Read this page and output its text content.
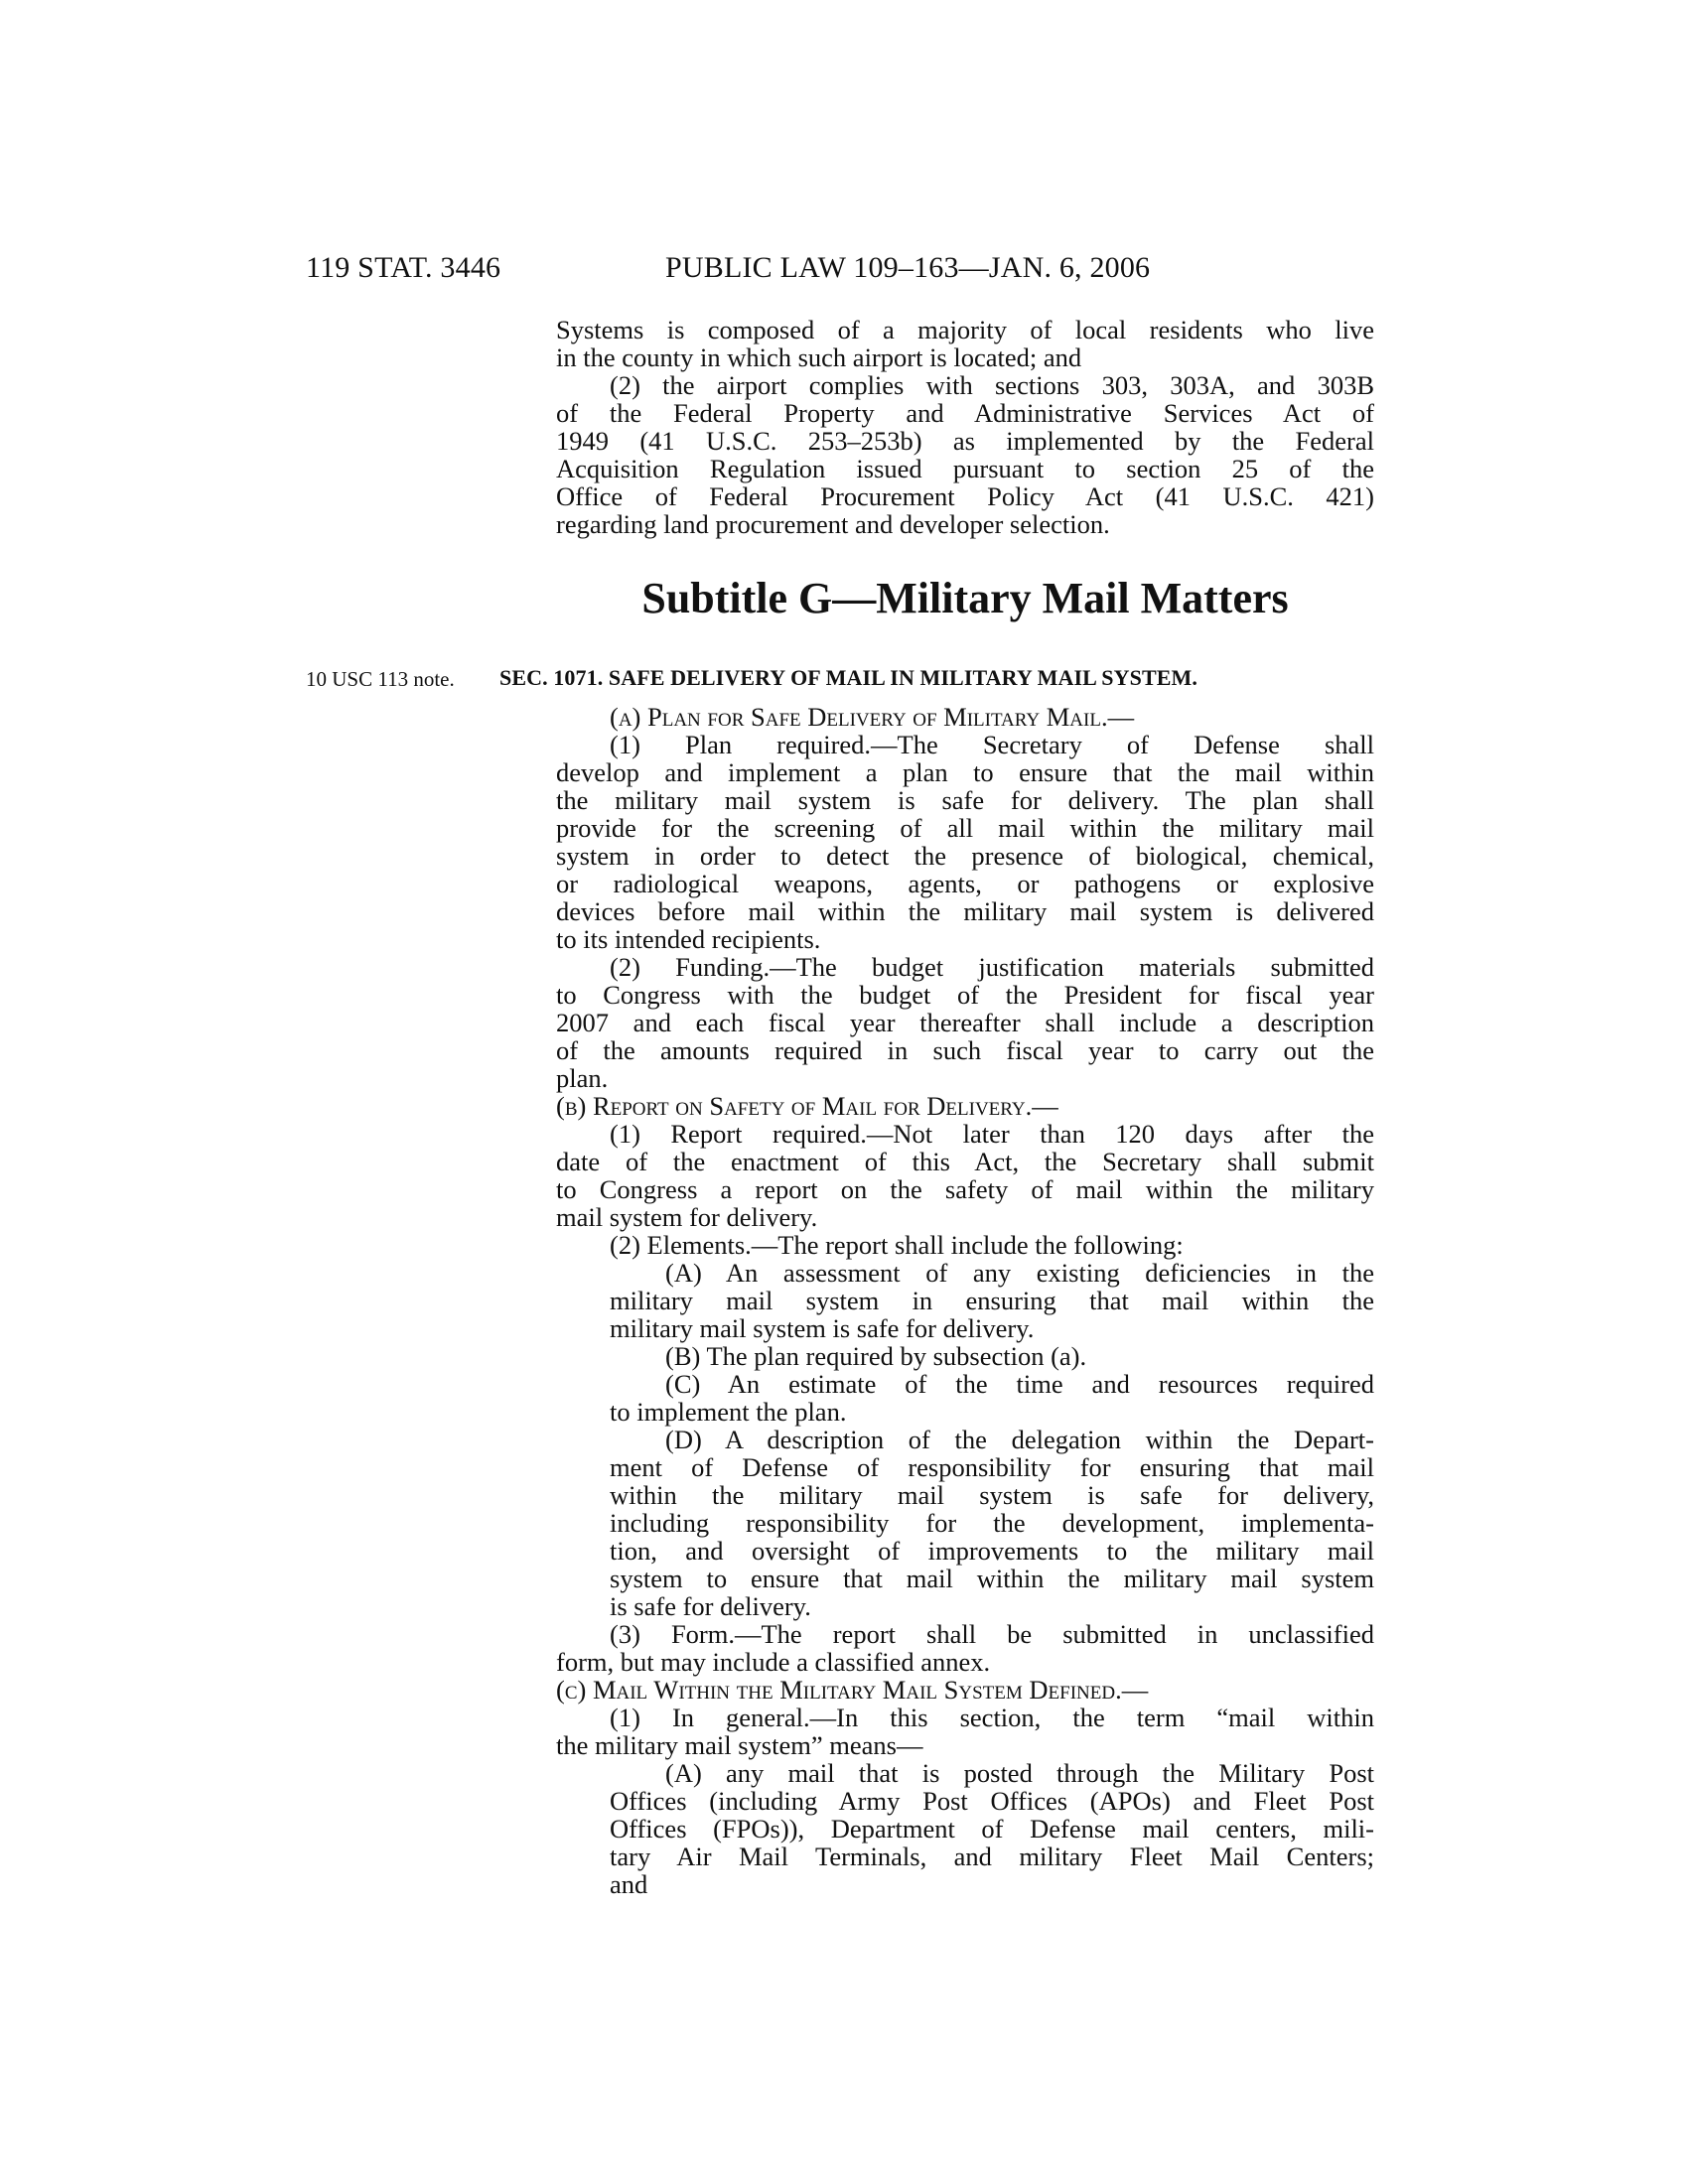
119 STAT. 3446	PUBLIC LAW 109–163—JAN. 6, 2006
Systems is composed of a majority of local residents who live
in the county in which such airport is located; and
(2) the airport complies with sections 303, 303A, and 303B
of the Federal Property and Administrative Services Act of
1949 (41 U.S.C. 253–253b) as implemented by the Federal
Acquisition Regulation issued pursuant to section 25 of the
Office of Federal Procurement Policy Act (41 U.S.C. 421)
regarding land procurement and developer selection.
Subtitle G—Military Mail Matters
10 USC 113 note. SEC. 1071. SAFE DELIVERY OF MAIL IN MILITARY MAIL SYSTEM.
(a) Plan for Safe Delivery of Military Mail.—
(1) Plan required.—The Secretary of Defense shall
develop and implement a plan to ensure that the mail within
the military mail system is safe for delivery. The plan shall
provide for the screening of all mail within the military mail
system in order to detect the presence of biological, chemical,
or radiological weapons, agents, or pathogens or explosive
devices before mail within the military mail system is delivered
to its intended recipients.
(2) Funding.—The budget justification materials submitted
to Congress with the budget of the President for fiscal year
2007 and each fiscal year thereafter shall include a description
of the amounts required in such fiscal year to carry out the
plan.
(b) Report on Safety of Mail for Delivery.—
(1) Report required.—Not later than 120 days after the
date of the enactment of this Act, the Secretary shall submit
to Congress a report on the safety of mail within the military
mail system for delivery.
(2) Elements.—The report shall include the following:
(A) An assessment of any existing deficiencies in the
military mail system in ensuring that mail within the
military mail system is safe for delivery.
(B) The plan required by subsection (a).
(C) An estimate of the time and resources required
to implement the plan.
(D) A description of the delegation within the Depart-
ment of Defense of responsibility for ensuring that mail
within the military mail system is safe for delivery,
including responsibility for the development, implementa-
tion, and oversight of improvements to the military mail
system to ensure that mail within the military mail system
is safe for delivery.
(3) Form.—The report shall be submitted in unclassified
form, but may include a classified annex.
(c) Mail Within the Military Mail System Defined.—
(1) In general.—In this section, the term “mail within
the military mail system” means—
(A) any mail that is posted through the Military Post
Offices (including Army Post Offices (APOs) and Fleet Post
Offices (FPOs)), Department of Defense mail centers, mili-
tary Air Mail Terminals, and military Fleet Mail Centers;
and
